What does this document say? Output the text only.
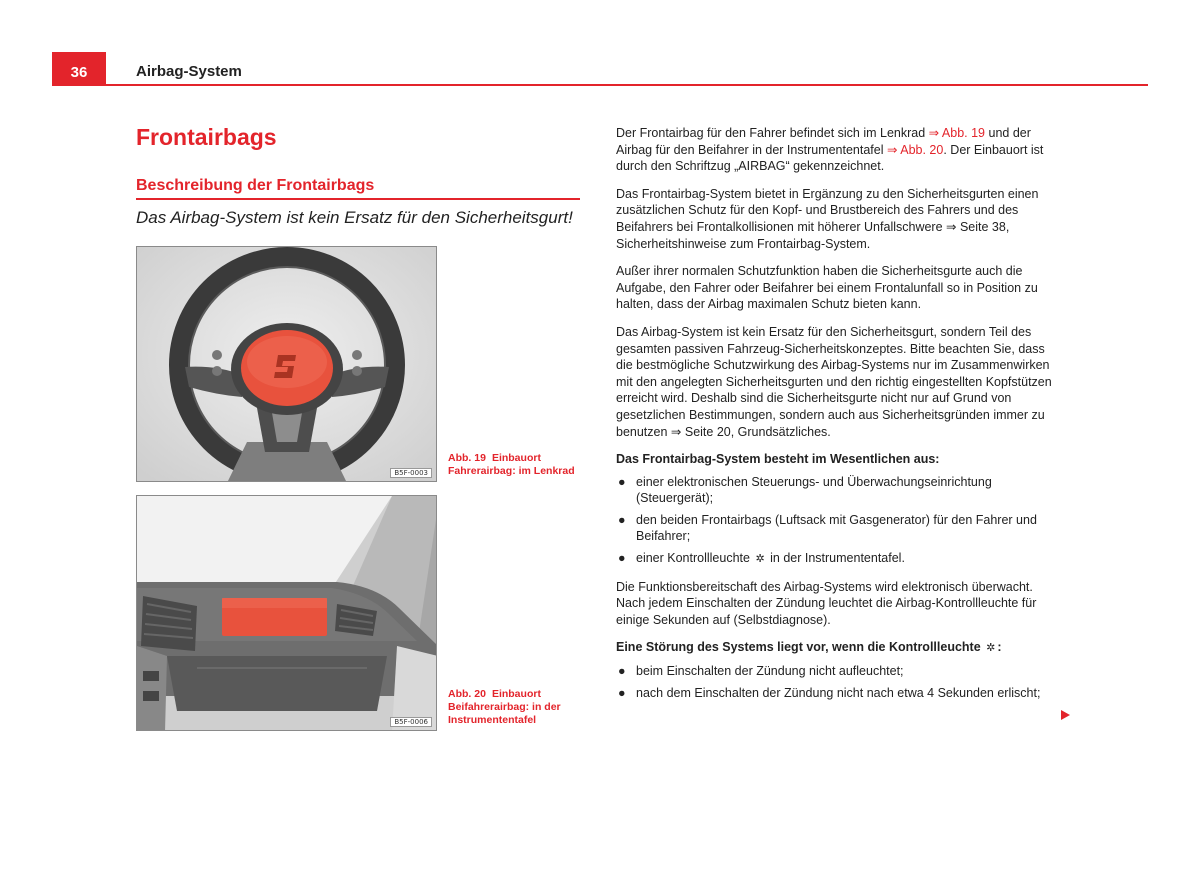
36	Airbag-System
Frontairbags
Beschreibung der Frontairbags
Das Airbag-System ist kein Ersatz für den Sicherheitsgurt!
B5F-0003
Abb. 19 Einbauort Fahrerairbag: im Lenkrad
B5F-0006
Abb. 20 Einbauort Beifahrerairbag: in der Instrumententafel

Der Frontairbag für den Fahrer befindet sich im Lenkrad ⇒ Abb. 19 und der Airbag für den Beifahrer in der Instrumententafel ⇒ Abb. 20. Der Einbauort ist durch den Schriftzug „AIRBAG“ gekennzeichnet.

Das Frontairbag-System bietet in Ergänzung zu den Sicherheitsgurten einen zusätzlichen Schutz für den Kopf- und Brustbereich des Fahrers und des Beifahrers bei Frontalkollisionen mit höherer Unfallschwere ⇒ Seite 38, Sicherheitshinweise zum Frontairbag-System.

Außer ihrer normalen Schutzfunktion haben die Sicherheitsgurte auch die Aufgabe, den Fahrer oder Beifahrer bei einem Frontalunfall so in Position zu halten, dass der Airbag maximalen Schutz bieten kann.

Das Airbag-System ist kein Ersatz für den Sicherheitsgurt, sondern Teil des gesamten passiven Fahrzeug-Sicherheitskonzeptes. Bitte beachten Sie, dass die bestmögliche Schutzwirkung des Airbag-Systems nur im Zusammenwirken mit den angelegten Sicherheitsgurten und den richtig eingestellten Kopfstützen erreicht wird. Deshalb sind die Sicherheitsgurte nicht nur auf Grund von gesetzlichen Bestimmungen, sondern auch aus Sicherheitsgründen immer zu benutzen ⇒ Seite 20, Grundsätzliches.

Das Frontairbag-System besteht im Wesentlichen aus:

● einer elektronischen Steuerungs- und Überwachungseinrichtung (Steuergerät);
● den beiden Frontairbags (Luftsack mit Gasgenerator) für den Fahrer und Beifahrer;
● einer Kontrollleuchte ✲ in der Instrumententafel.

Die Funktionsbereitschaft des Airbag-Systems wird elektronisch überwacht. Nach jedem Einschalten der Zündung leuchtet die Airbag-Kontrollleuchte für einige Sekunden auf (Selbstdiagnose).

Eine Störung des Systems liegt vor, wenn die Kontrollleuchte ✲ :

● beim Einschalten der Zündung nicht aufleuchtet;
● nach dem Einschalten der Zündung nicht nach etwa 4 Sekunden erlischt;
